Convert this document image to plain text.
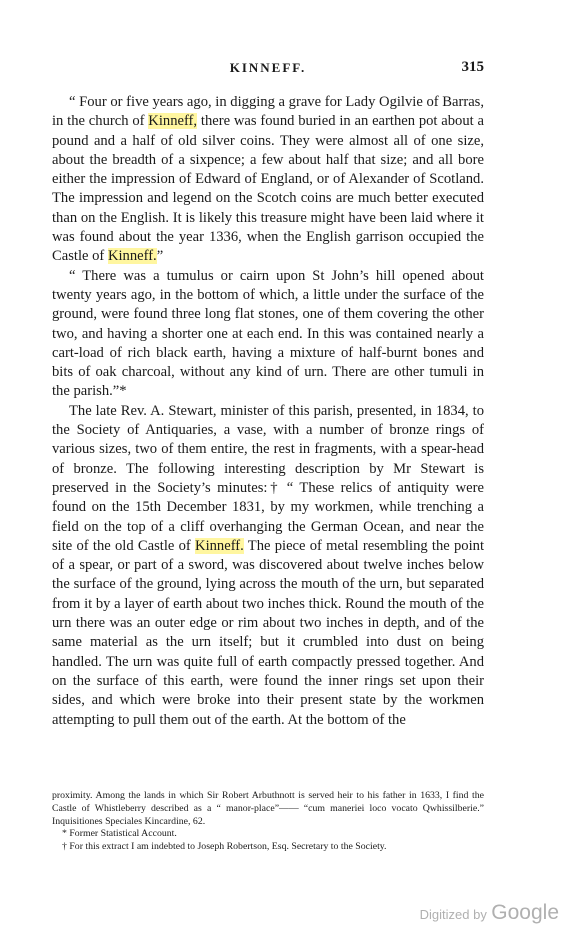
KINNEFF.	315

“ Four or five years ago, in digging a grave for Lady Ogilvie of Barras, in the church of Kinneff, there was found buried in an earthen pot about a pound and a half of old silver coins. They were almost all of one size, about the breadth of a sixpence; a few about half that size; and all bore either the impression of Edward of England, or of Alexander of Scotland. The impression and legend on the Scotch coins are much better executed than on the English. It is likely this treasure might have been laid where it was found about the year 1336, when the English garrison occupied the Castle of Kinneff.”

“ There was a tumulus or cairn upon St John’s hill opened about twenty years ago, in the bottom of which, a little under the surface of the ground, were found three long flat stones, one of them covering the other two, and having a shorter one at each end. In this was contained nearly a cart-load of rich black earth, having a mixture of half-burnt bones and bits of oak charcoal, without any kind of urn. There are other tumuli in the parish.”*

The late Rev. A. Stewart, minister of this parish, presented, in 1834, to the Society of Antiquaries, a vase, with a number of bronze rings of various sizes, two of them entire, the rest in fragments, with a spear-head of bronze. The following interesting description by Mr Stewart is preserved in the Society’s minutes:† “ These relics of antiquity were found on the 15th December 1831, by my workmen, while trenching a field on the top of a cliff overhanging the German Ocean, and near the site of the old Castle of Kinneff. The piece of metal resembling the point of a spear, or part of a sword, was discovered about twelve inches below the surface of the ground, lying across the mouth of the urn, but separated from it by a layer of earth about two inches thick. Round the mouth of the urn there was an outer edge or rim about two inches in depth, and of the same material as the urn itself; but it crumbled into dust on being handled. The urn was quite full of earth compactly pressed together. And on the surface of this earth, were found the inner rings set upon their sides, and which were broke into their present state by the workmen attempting to pull them out of the earth. At the bottom of the

proximity. Among the lands in which Sir Robert Arbuthnott is served heir to his father in 1633, I find the Castle of Whistleberry described as a “ manor-place”—— “cum maneriei loco vocato Qwhissilberie.” Inquisitiones Speciales Kincardine, 62.

* Former Statistical Account.

† For this extract I am indebted to Joseph Robertson, Esq. Secretary to the Society.

Digitized by Google
